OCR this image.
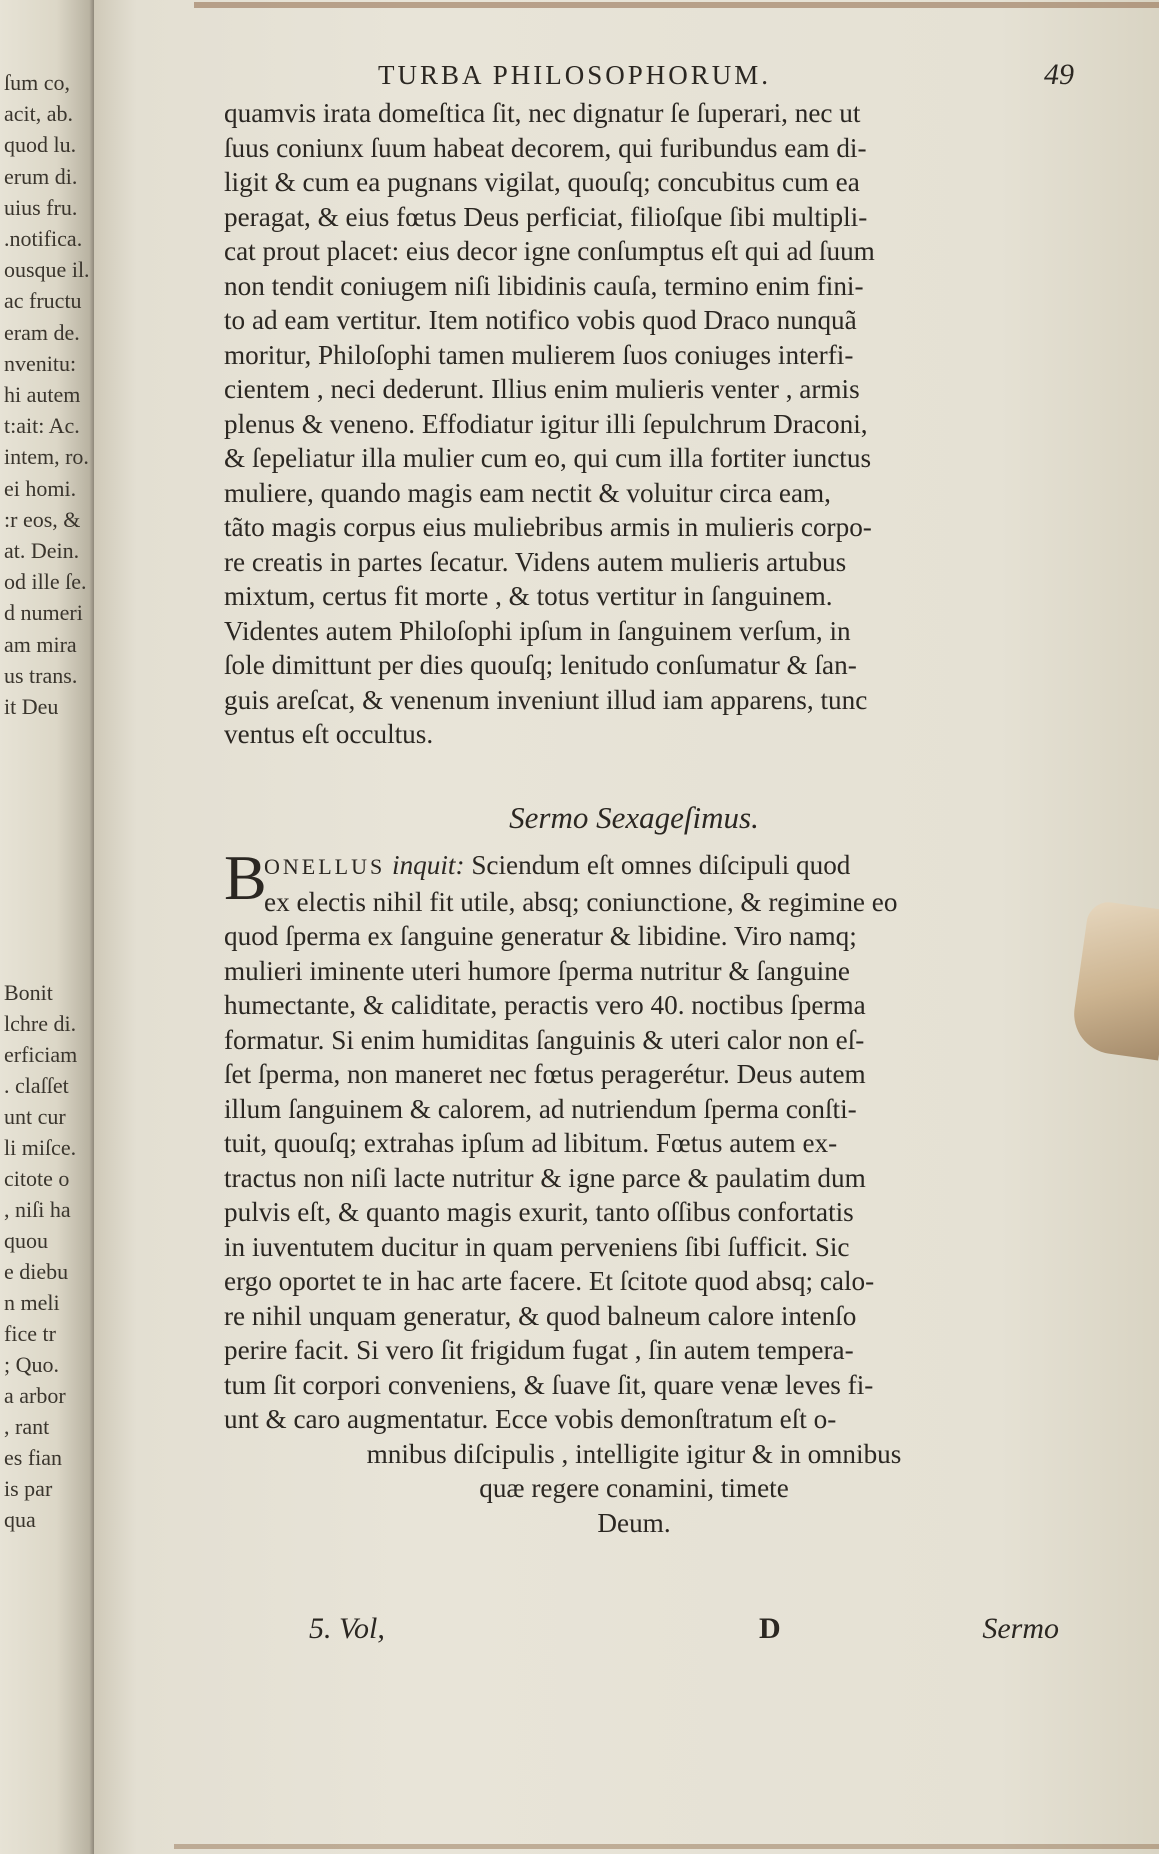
ſum co,
acit, ab.
quod lu.
erum di.
uius fru.
.notifica.
ousque il.
ac fructu
eram de.
nvenitu:
hi autem
t:ait: Ac.
intem, ro.
ei homi.
:r eos, &
at. Dein.
od ille ſe.
d numeri
am mira
us trans.
it Deu
Bonit
lchre di.
erficiam
. claſſet
unt cur
li miſce.
citote o
, niſi ha
quou
e diebu
n meli
fice tr
; Quo.
a arbor
, rant
es fian
is par
qua
TURBA PHILOSOPHORUM.	49
quamvis irata domeſtica ſit, nec dignatur ſe ſuperari, nec ut
ſuus coniunx ſuum habeat decorem, qui furibundus eam di-
ligit & cum ea pugnans vigilat, quouſq; concubitus cum ea
peragat, & eius fœtus Deus perficiat, filioſque ſibi multipli-
cat prout placet: eius decor igne conſumptus eſt qui ad ſuum
non tendit coniugem niſi libidinis cauſa, termino enim fini-
to ad eam vertitur. Item notifico vobis quod Draco nunquã
moritur, Philoſophi tamen mulierem ſuos coniuges interfi-
cientem , neci dederunt. Illius enim mulieris venter , armis
plenus & veneno. Effodiatur igitur illi ſepulchrum Draconi,
& ſepeliatur illa mulier cum eo, qui cum illa fortiter iunctus
muliere, quando magis eam nectit & voluitur circa eam,
tãto magis corpus eius muliebribus armis in mulieris corpo-
re creatis in partes ſecatur. Videns autem mulieris artubus
mixtum, certus fit morte , & totus vertitur in ſanguinem.
Videntes autem Philoſophi ipſum in ſanguinem verſum, in
ſole dimittunt per dies quouſq; lenitudo conſumatur & ſan-
guis areſcat, & venenum inveniunt illud iam apparens, tunc
ventus eſt occultus.
Sermo Sexageſimus.
B
ONELLUS inquit: Sciendum eſt omnes diſcipuli quod
ex electis nihil fit utile, absq; coniunctione, & regimine eo
quod ſperma ex ſanguine generatur & libidine. Viro namq;
mulieri iminente uteri humore ſperma nutritur & ſanguine
humectante, & caliditate, peractis vero 40. noctibus ſperma
formatur. Si enim humiditas ſanguinis & uteri calor non eſ-
ſet ſperma, non maneret nec fœtus peragerétur. Deus autem
illum ſanguinem & calorem, ad nutriendum ſperma conſti-
tuit, quouſq; extrahas ipſum ad libitum. Fœtus autem ex-
tractus non niſi lacte nutritur & igne parce & paulatim dum
pulvis eſt, & quanto magis exurit, tanto oſſibus confortatis
in iuventutem ducitur in quam perveniens ſibi ſufficit. Sic
ergo oportet te in hac arte facere. Et ſcitote quod absq; calo-
re nihil unquam generatur, & quod balneum calore intenſo
perire facit. Si vero ſit frigidum fugat , ſin autem tempera-
tum ſit corpori conveniens, & ſuave ſit, quare venæ leves fi-
unt & caro augmentatur. Ecce vobis demonſtratum eſt o-
mnibus diſcipulis , intelligite igitur & in omnibus
quæ regere conamini, timete
Deum.
5. Vol,	D	Sermo
